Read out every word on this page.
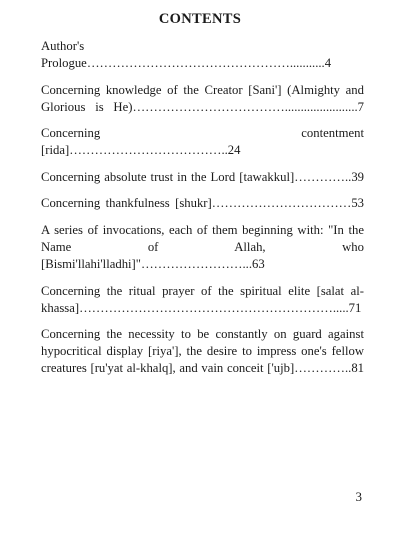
CONTENTS

Author's Prologue…………………………………………...........4

Concerning knowledge of the Creator [Sani'] (Almighty and Glorious is He)……………………………….......................7

Concerning contentment [rida]………………………………..24

Concerning absolute trust in the Lord [tawakkul]…………..39

Concerning thankfulness [shukr]……………………………53

A series of invocations, each of them beginning with: "In the Name of Allah, who [Bismi'llahi'lladhi]"……………………...63

Concerning the ritual prayer of the spiritual elite [salat al-khassa]…………………………………………………….....71

Concerning the necessity to be constantly on guard against hypocritical display [riya'], the desire to impress one's fellow creatures [ru'yat al-khalq], and vain conceit ['ujb]…………..81

3
